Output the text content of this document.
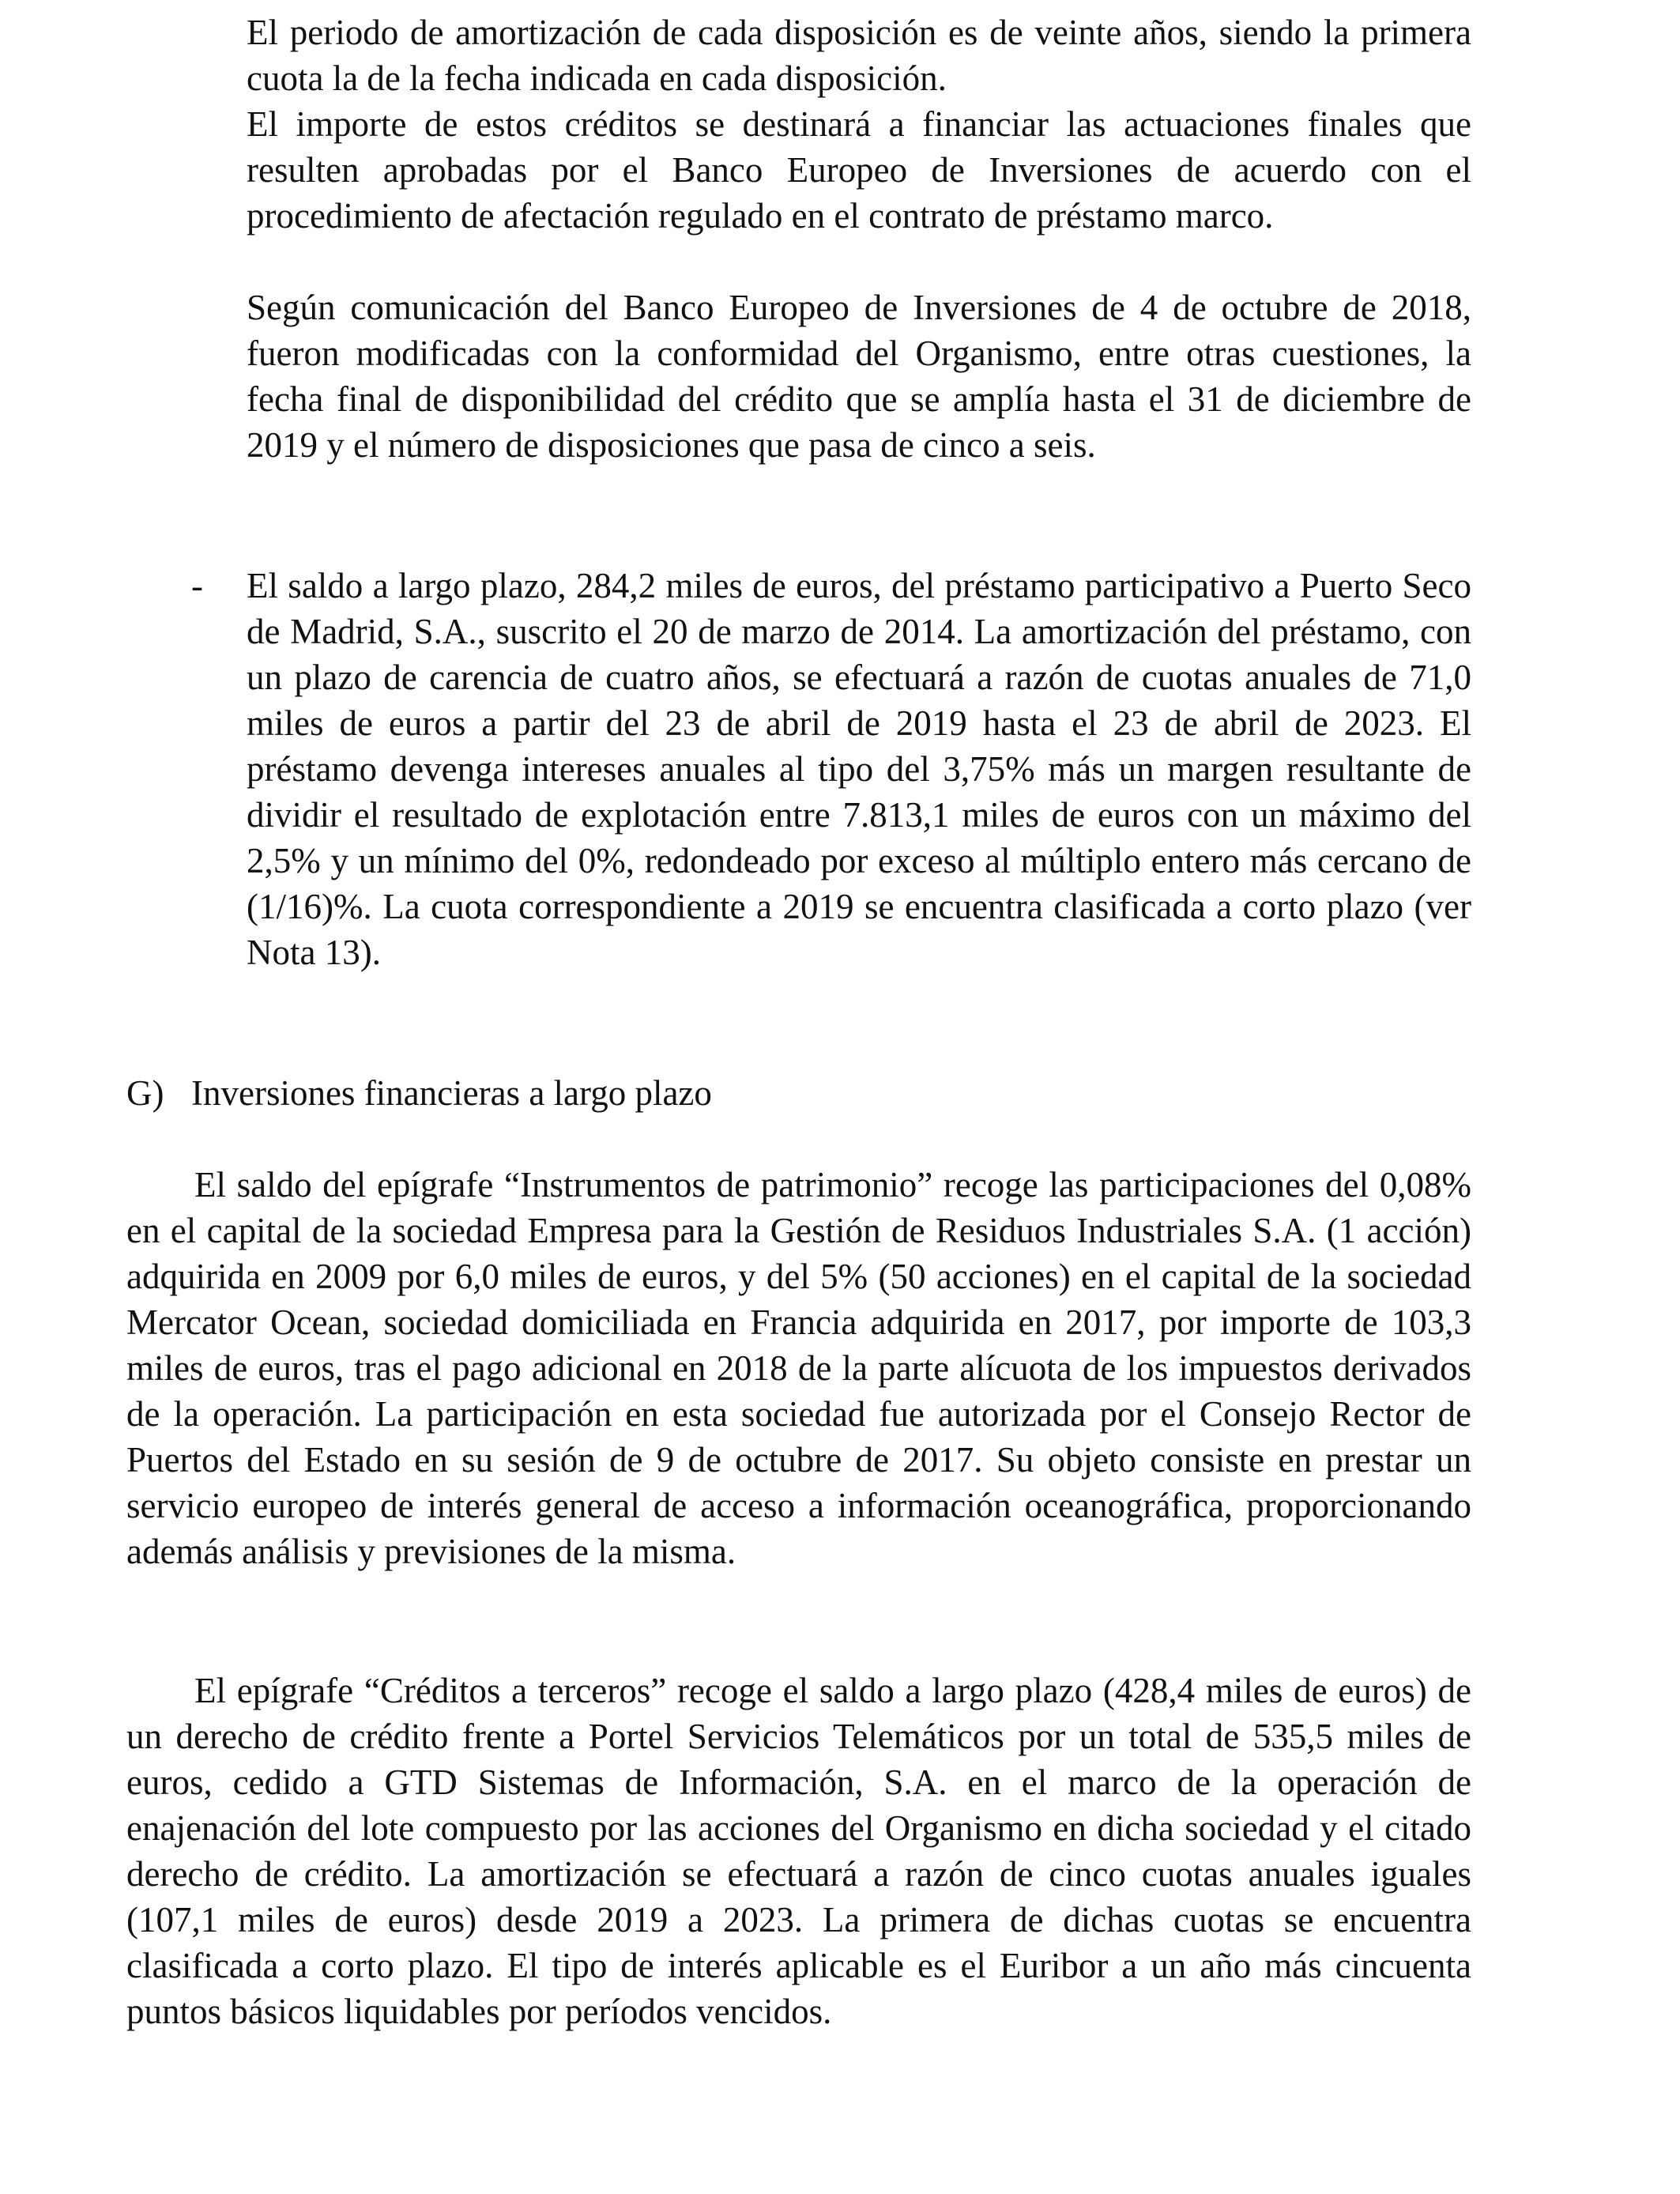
El periodo de amortización de cada disposición es de veinte años, siendo la primera cuota la de la fecha indicada en cada disposición.

El importe de estos créditos se destinará a financiar las actuaciones finales que resulten aprobadas por el Banco Europeo de Inversiones de acuerdo con el procedimiento de afectación regulado en el contrato de préstamo marco.

Según comunicación del Banco Europeo de Inversiones de 4 de octubre de 2018, fueron modificadas con la conformidad del Organismo, entre otras cuestiones, la fecha final de disponibilidad del crédito que se amplía hasta el 31 de diciembre de 2019 y el número de disposiciones que pasa de cinco a seis.

- El saldo a largo plazo, 284,2 miles de euros, del préstamo participativo a Puerto Seco de Madrid, S.A., suscrito el 20 de marzo de 2014. La amortización del préstamo, con un plazo de carencia de cuatro años, se efectuará a razón de cuotas anuales de 71,0 miles de euros a partir del 23 de abril de 2019 hasta el 23 de abril de 2023. El préstamo devenga intereses anuales al tipo del 3,75% más un margen resultante de dividir el resultado de explotación entre 7.813,1 miles de euros con un máximo del 2,5% y un mínimo del 0%, redondeado por exceso al múltiplo entero más cercano de (1/16)%. La cuota correspondiente a 2019 se encuentra clasificada a corto plazo (ver Nota 13).

G) Inversiones financieras a largo plazo

El saldo del epígrafe “Instrumentos de patrimonio” recoge las participaciones del 0,08% en el capital de la sociedad Empresa para la Gestión de Residuos Industriales S.A. (1 acción) adquirida en 2009 por 6,0 miles de euros, y del 5% (50 acciones) en el capital de la sociedad Mercator Ocean, sociedad domiciliada en Francia adquirida en 2017, por importe de 103,3 miles de euros, tras el pago adicional en 2018 de la parte alícuota de los impuestos derivados de la operación. La participación en esta sociedad fue autorizada por el Consejo Rector de Puertos del Estado en su sesión de 9 de octubre de 2017. Su objeto consiste en prestar un servicio europeo de interés general de acceso a información oceanográfica, proporcionando además análisis y previsiones de la misma.

El epígrafe “Créditos a terceros” recoge el saldo a largo plazo (428,4 miles de euros) de un derecho de crédito frente a Portel Servicios Telemáticos por un total de 535,5 miles de euros, cedido a GTD Sistemas de Información, S.A. en el marco de la operación de enajenación del lote compuesto por las acciones del Organismo en dicha sociedad y el citado derecho de crédito. La amortización se efectuará a razón de cinco cuotas anuales iguales (107,1 miles de euros) desde 2019 a 2023. La primera de dichas cuotas se encuentra clasificada a corto plazo. El tipo de interés aplicable es el Euribor a un año más cincuenta puntos básicos liquidables por períodos vencidos.
